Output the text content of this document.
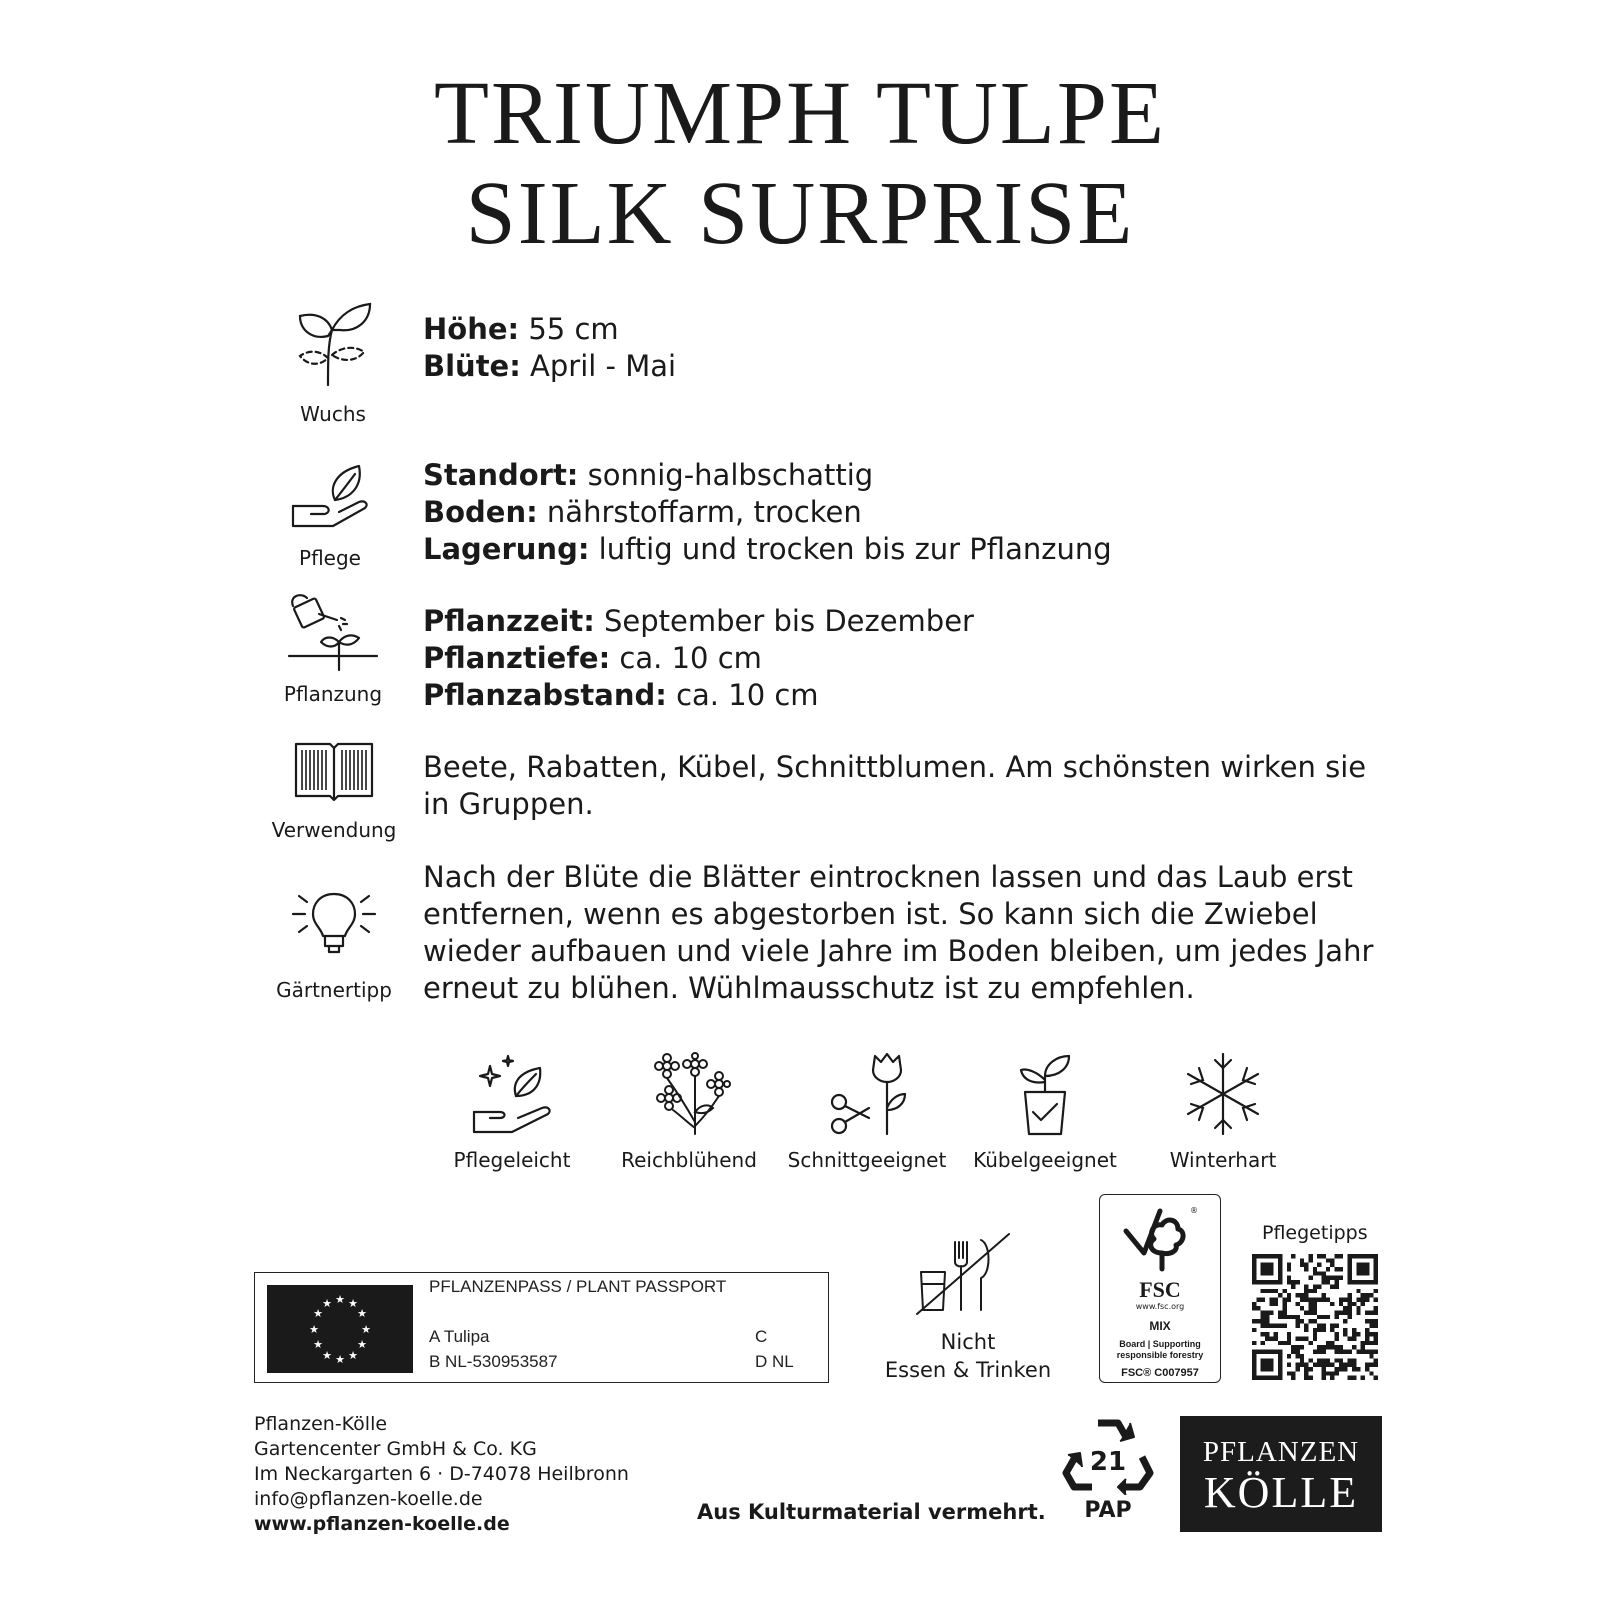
TRIUMPH TULPE
SILK SURPRISE
Wuchs
Höhe: 55 cm
Blüte: April - Mai
Pflege
Standort: sonnig-halbschattig
Boden: nährstoffarm, trocken
Lagerung: luftig und trocken bis zur Pflanzung
Pflanzung
Pflanzzeit: September bis Dezember
Pflanztiefe: ca. 10 cm
Pflanzabstand: ca. 10 cm
Verwendung
Beete, Rabatten, Kübel, Schnittblumen. Am schönsten wirken sie in Gruppen.
Gärtnertipp
Nach der Blüte die Blätter eintrocknen lassen und das Laub erst entfernen, wenn es abgestorben ist. So kann sich die Zwiebel wieder aufbauen und viele Jahre im Boden bleiben, um jedes Jahr erneut zu blühen. Wühlmausschutz ist zu empfehlen.
Pflegeleicht	Reichblühend	Schnittgeeignet	Kübelgeeignet	Winterhart
★ ★
★
★
★
★
★
★
★
★
★
★
PFLANZENPASS / PLANT PASSPORT
A Tulipa
B NL-530953587
C
D NL
Nicht
Essen & Trinken
®
FSC
www.fsc.org
MIX
Board | Supporting
responsible forestry
FSC® C007957
Pflegetipps
Pflanzen-Kölle
Gartencenter GmbH & Co. KG
Im Neckargarten 6 · D-74078 Heilbronn
info@pflanzen-koelle.de
www.pflanzen-koelle.de	Aus Kulturmaterial vermehrt.
21
PAP
PFLANZEN
KÖLLE
